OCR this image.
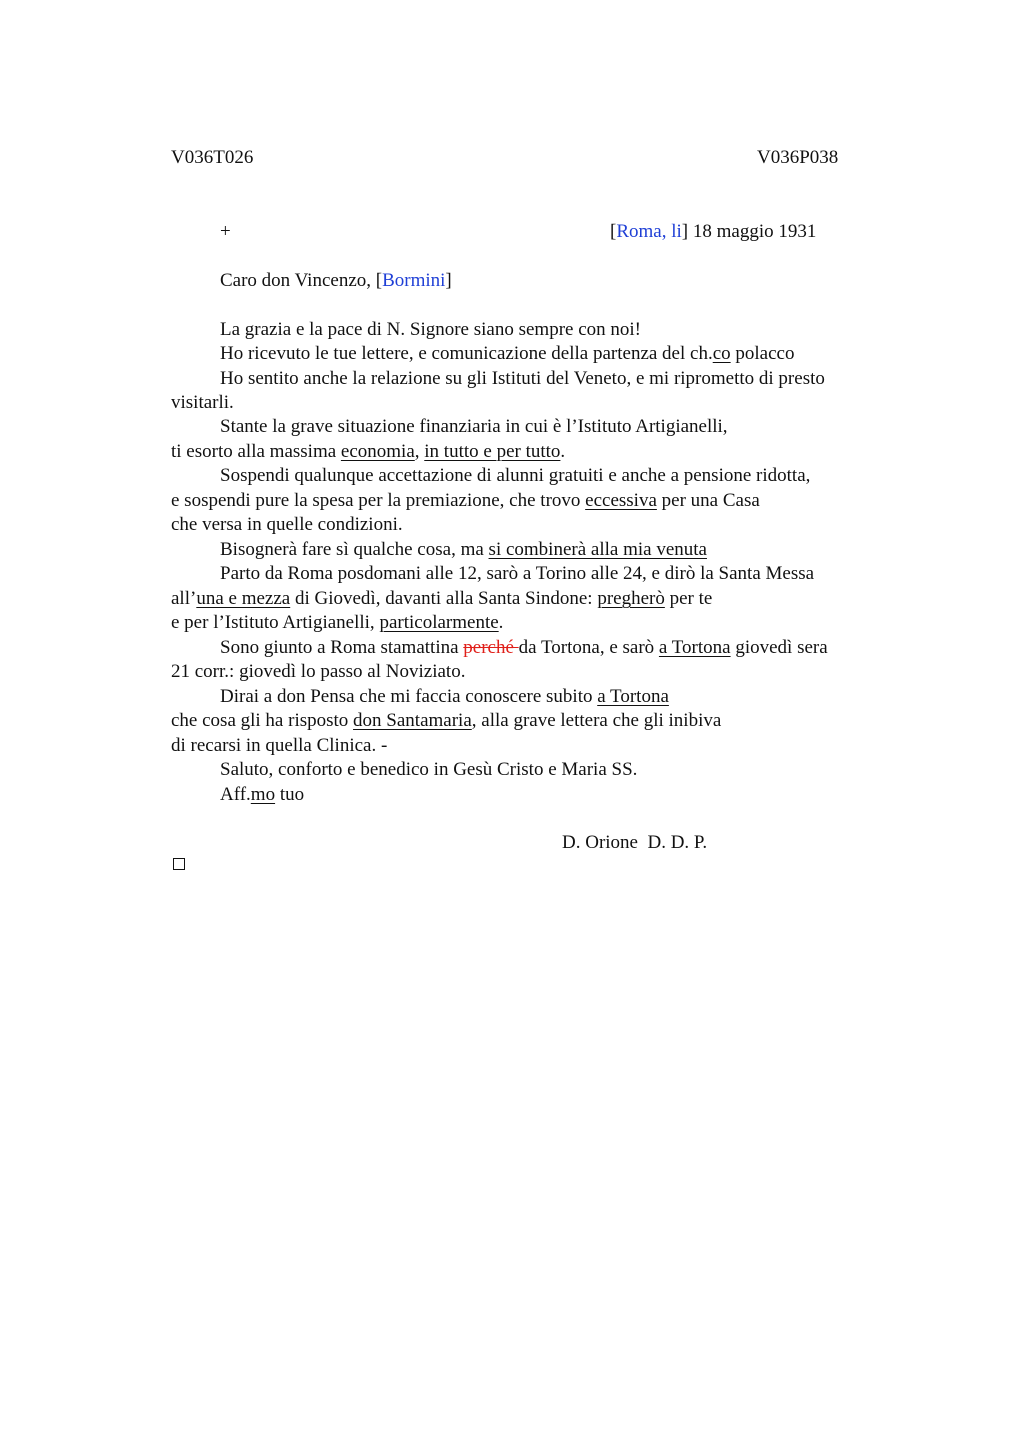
V036T026	V036P038
+	[Roma, li] 18 maggio 1931
Caro don Vincenzo, [Bormini]
La grazia e la pace di N. Signore siano sempre con noi!
Ho ricevuto le tue lettere, e comunicazione della partenza del ch.co polacco
Ho sentito anche la relazione su gli Istituti del Veneto, e mi riprometto di presto
visitarli.
Stante la grave situazione finanziaria in cui è l’Istituto Artigianelli,
ti esorto alla massima economia, in tutto e per tutto.
Sospendi qualunque accettazione di alunni gratuiti e anche a pensione ridotta,
e sospendi pure la spesa per la premiazione, che trovo eccessiva per una Casa
che versa in quelle condizioni.
Bisognerà fare sì qualche cosa, ma si combinerà alla mia venuta
Parto da Roma posdomani alle 12, sarò a Torino alle 24, e dirò la Santa Messa
all’una e mezza di Giovedì, davanti alla Santa Sindone: pregherò per te
e per l’Istituto Artigianelli, particolarmente.
Sono giunto a Roma stamattina perché da Tortona, e sarò a Tortona giovedì sera
21 corr.: giovedì lo passo al Noviziato.
Dirai a don Pensa che mi faccia conoscere subito a Tortona
che cosa gli ha risposto don Santamaria, alla grave lettera che gli inibiva
di recarsi in quella Clinica. -
Saluto, conforto e benedico in Gesù Cristo e Maria SS.
Aff.mo tuo
D. Orione  D. D. P.
